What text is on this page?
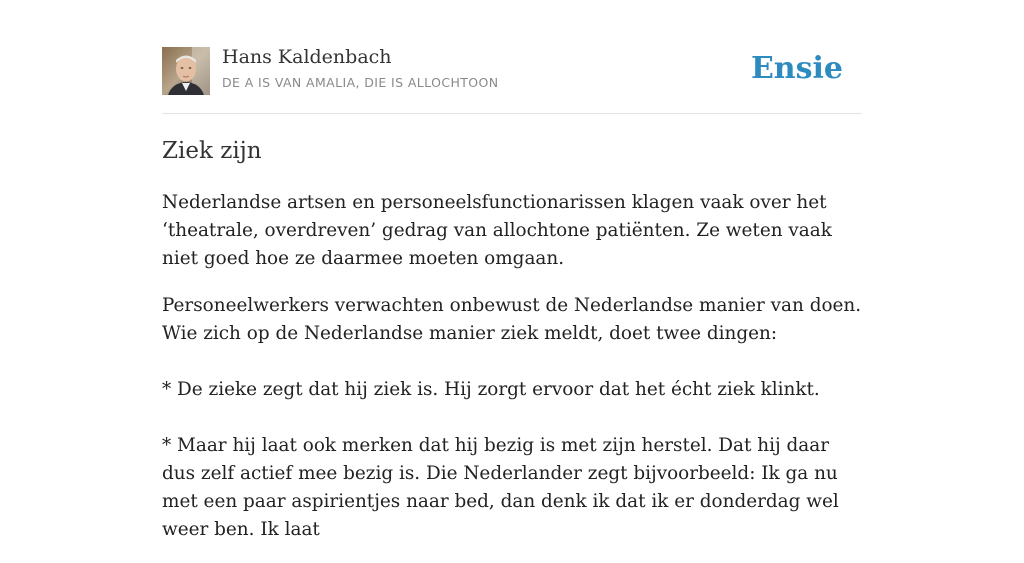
Hans Kaldenbach
DE A IS VAN AMALIA, DIE IS ALLOCHTOON	Ensie
Ziek zijn

Nederlandse artsen en personeelsfunctionarissen klagen vaak over het ‘theatrale, overdreven’ gedrag van allochtone patiënten. Ze weten vaak niet goed hoe ze daarmee moeten omgaan.

Personeelwerkers verwachten onbewust de Nederlandse manier van doen. Wie zich op de Nederlandse manier ziek meldt, doet twee dingen:

* De zieke zegt dat hij ziek is. Hij zorgt ervoor dat het écht ziek klinkt.

* Maar hij laat ook merken dat hij bezig is met zijn herstel. Dat hij daar dus zelf actief mee bezig is. Die Nederlander zegt bijvoorbeeld: Ik ga nu met een paar aspirientjes naar bed, dan denk ik dat ik er donderdag wel weer ben. Ik laat
